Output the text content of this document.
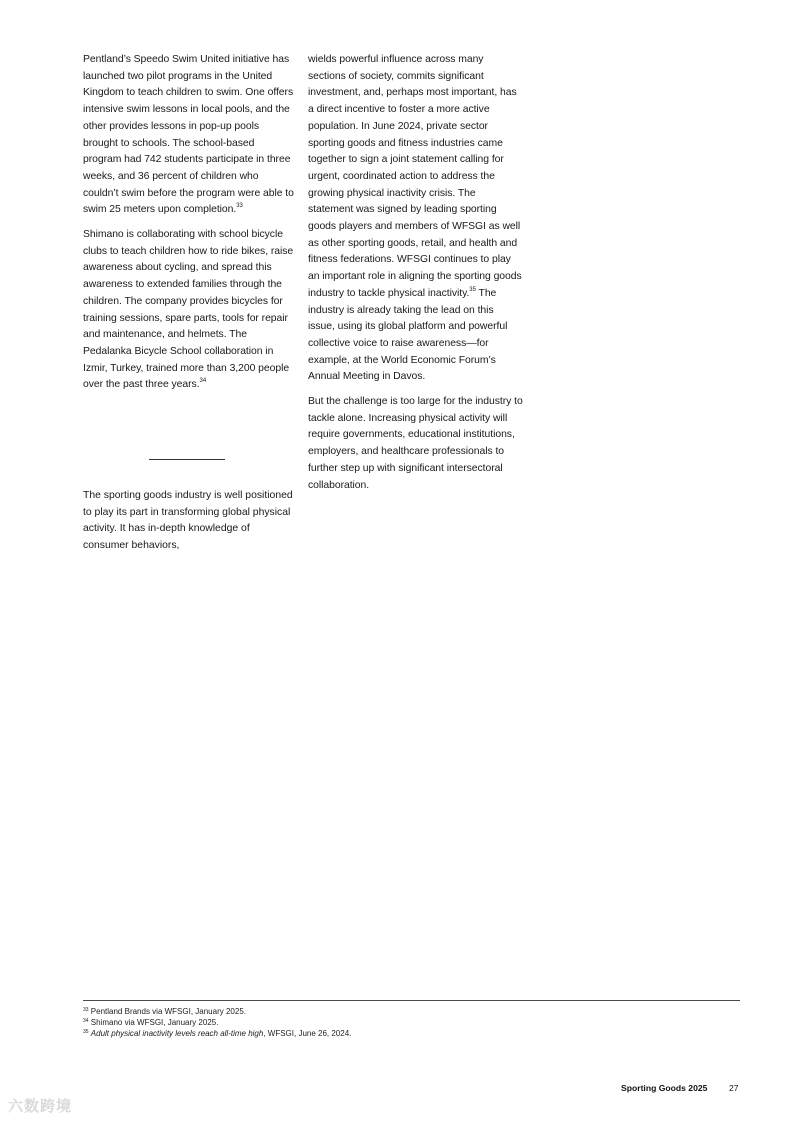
Pentland’s Speedo Swim United initiative has launched two pilot programs in the United Kingdom to teach children to swim. One offers intensive swim lessons in local pools, and the other provides lessons in pop-up pools brought to schools. The school-based program had 742 students participate in three weeks, and 36 percent of children who couldn’t swim before the program were able to swim 25 meters upon completion.$^{33}$

Shimano is collaborating with school bicycle clubs to teach children how to ride bikes, raise awareness about cycling, and spread this awareness to extended families through the children. The company provides bicycles for training sessions, spare parts, tools for repair and maintenance, and helmets. The Pedalanka Bicycle School collaboration in Izmir, Turkey, trained more than 3,200 people over the past three years.$^{34}$

The sporting goods industry is well positioned to play its part in transforming global physical activity. It has in-depth knowledge of consumer behaviors,

wields powerful influence across many sections of society, commits significant investment, and, perhaps most important, has a direct incentive to foster a more active population. In June 2024, private sector sporting goods and fitness industries came together to sign a joint statement calling for urgent, coordinated action to address the growing physical inactivity crisis. The statement was signed by leading sporting goods players and members of WFSGI as well as other sporting goods, retail, and health and fitness federations. WFSGI continues to play an important role in aligning the sporting goods industry to tackle physical inactivity.$^{35}$ The industry is already taking the lead on this issue, using its global platform and powerful collective voice to raise awareness—for example, at the World Economic Forum’s Annual Meeting in Davos.

But the challenge is too large for the industry to tackle alone. Increasing physical activity will require governments, educational institutions, employers, and healthcare professionals to further step up with significant intersectoral collaboration.

$^{33}$ Pentland Brands via WFSGI, January 2025.
$^{34}$ Shimano via WFSGI, January 2025.
$^{35}$ Adult physical inactivity levels reach all-time high, WFSGI, June 26, 2024.
Sporting Goods 2025	27
六数跨境
